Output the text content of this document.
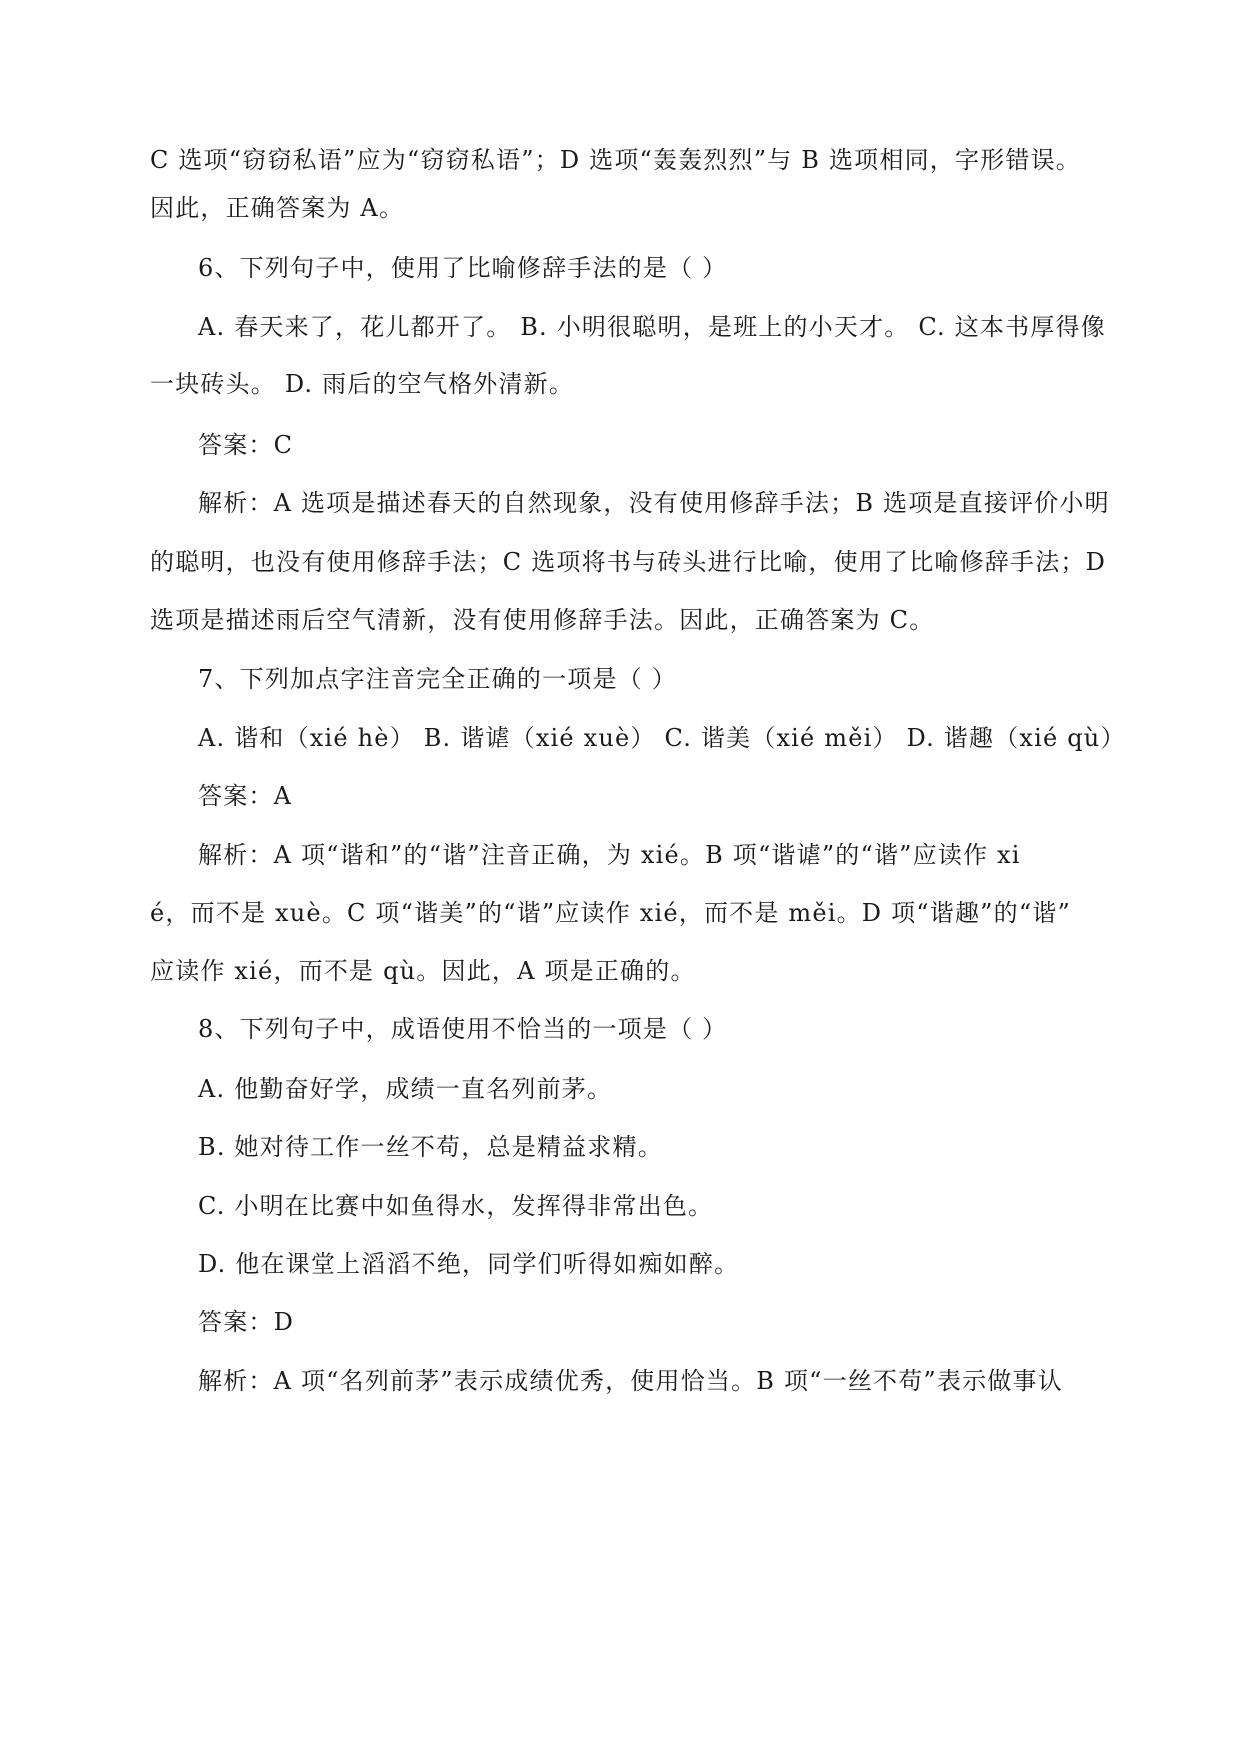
C 选项“窃窃私语”应为“窃窃私语”；D 选项“轰轰烈烈”与 B 选项相同，字形错误。
因此，正确答案为 A。
6、下列句子中，使用了比喻修辞手法的是（ ）
A. 春天来了，花儿都开了。 B. 小明很聪明，是班上的小天才。 C. 这本书厚得像
一块砖头。 D. 雨后的空气格外清新。
答案：C
解析：A 选项是描述春天的自然现象，没有使用修辞手法；B 选项是直接评价小明
的聪明，也没有使用修辞手法；C 选项将书与砖头进行比喻，使用了比喻修辞手法；D
选项是描述雨后空气清新，没有使用修辞手法。因此，正确答案为 C。
7、下列加点字注音完全正确的一项是（ ）
A. 谐和（xié hè） B. 谐谑（xié xuè） C. 谐美（xié měi） D. 谐趣（xié qù）
答案：A
解析：A 项“谐和”的“谐”注音正确，为 xié。B 项“谐谑”的“谐”应读作 xi
é，而不是 xuè。C 项“谐美”的“谐”应读作 xié，而不是 měi。D 项“谐趣”的“谐”
应读作 xié，而不是 qù。因此，A 项是正确的。
8、下列句子中，成语使用不恰当的一项是（ ）
A. 他勤奋好学，成绩一直名列前茅。
B. 她对待工作一丝不苟，总是精益求精。
C. 小明在比赛中如鱼得水，发挥得非常出色。
D. 他在课堂上滔滔不绝，同学们听得如痴如醉。
答案：D
解析：A 项“名列前茅”表示成绩优秀，使用恰当。B 项“一丝不苟”表示做事认
